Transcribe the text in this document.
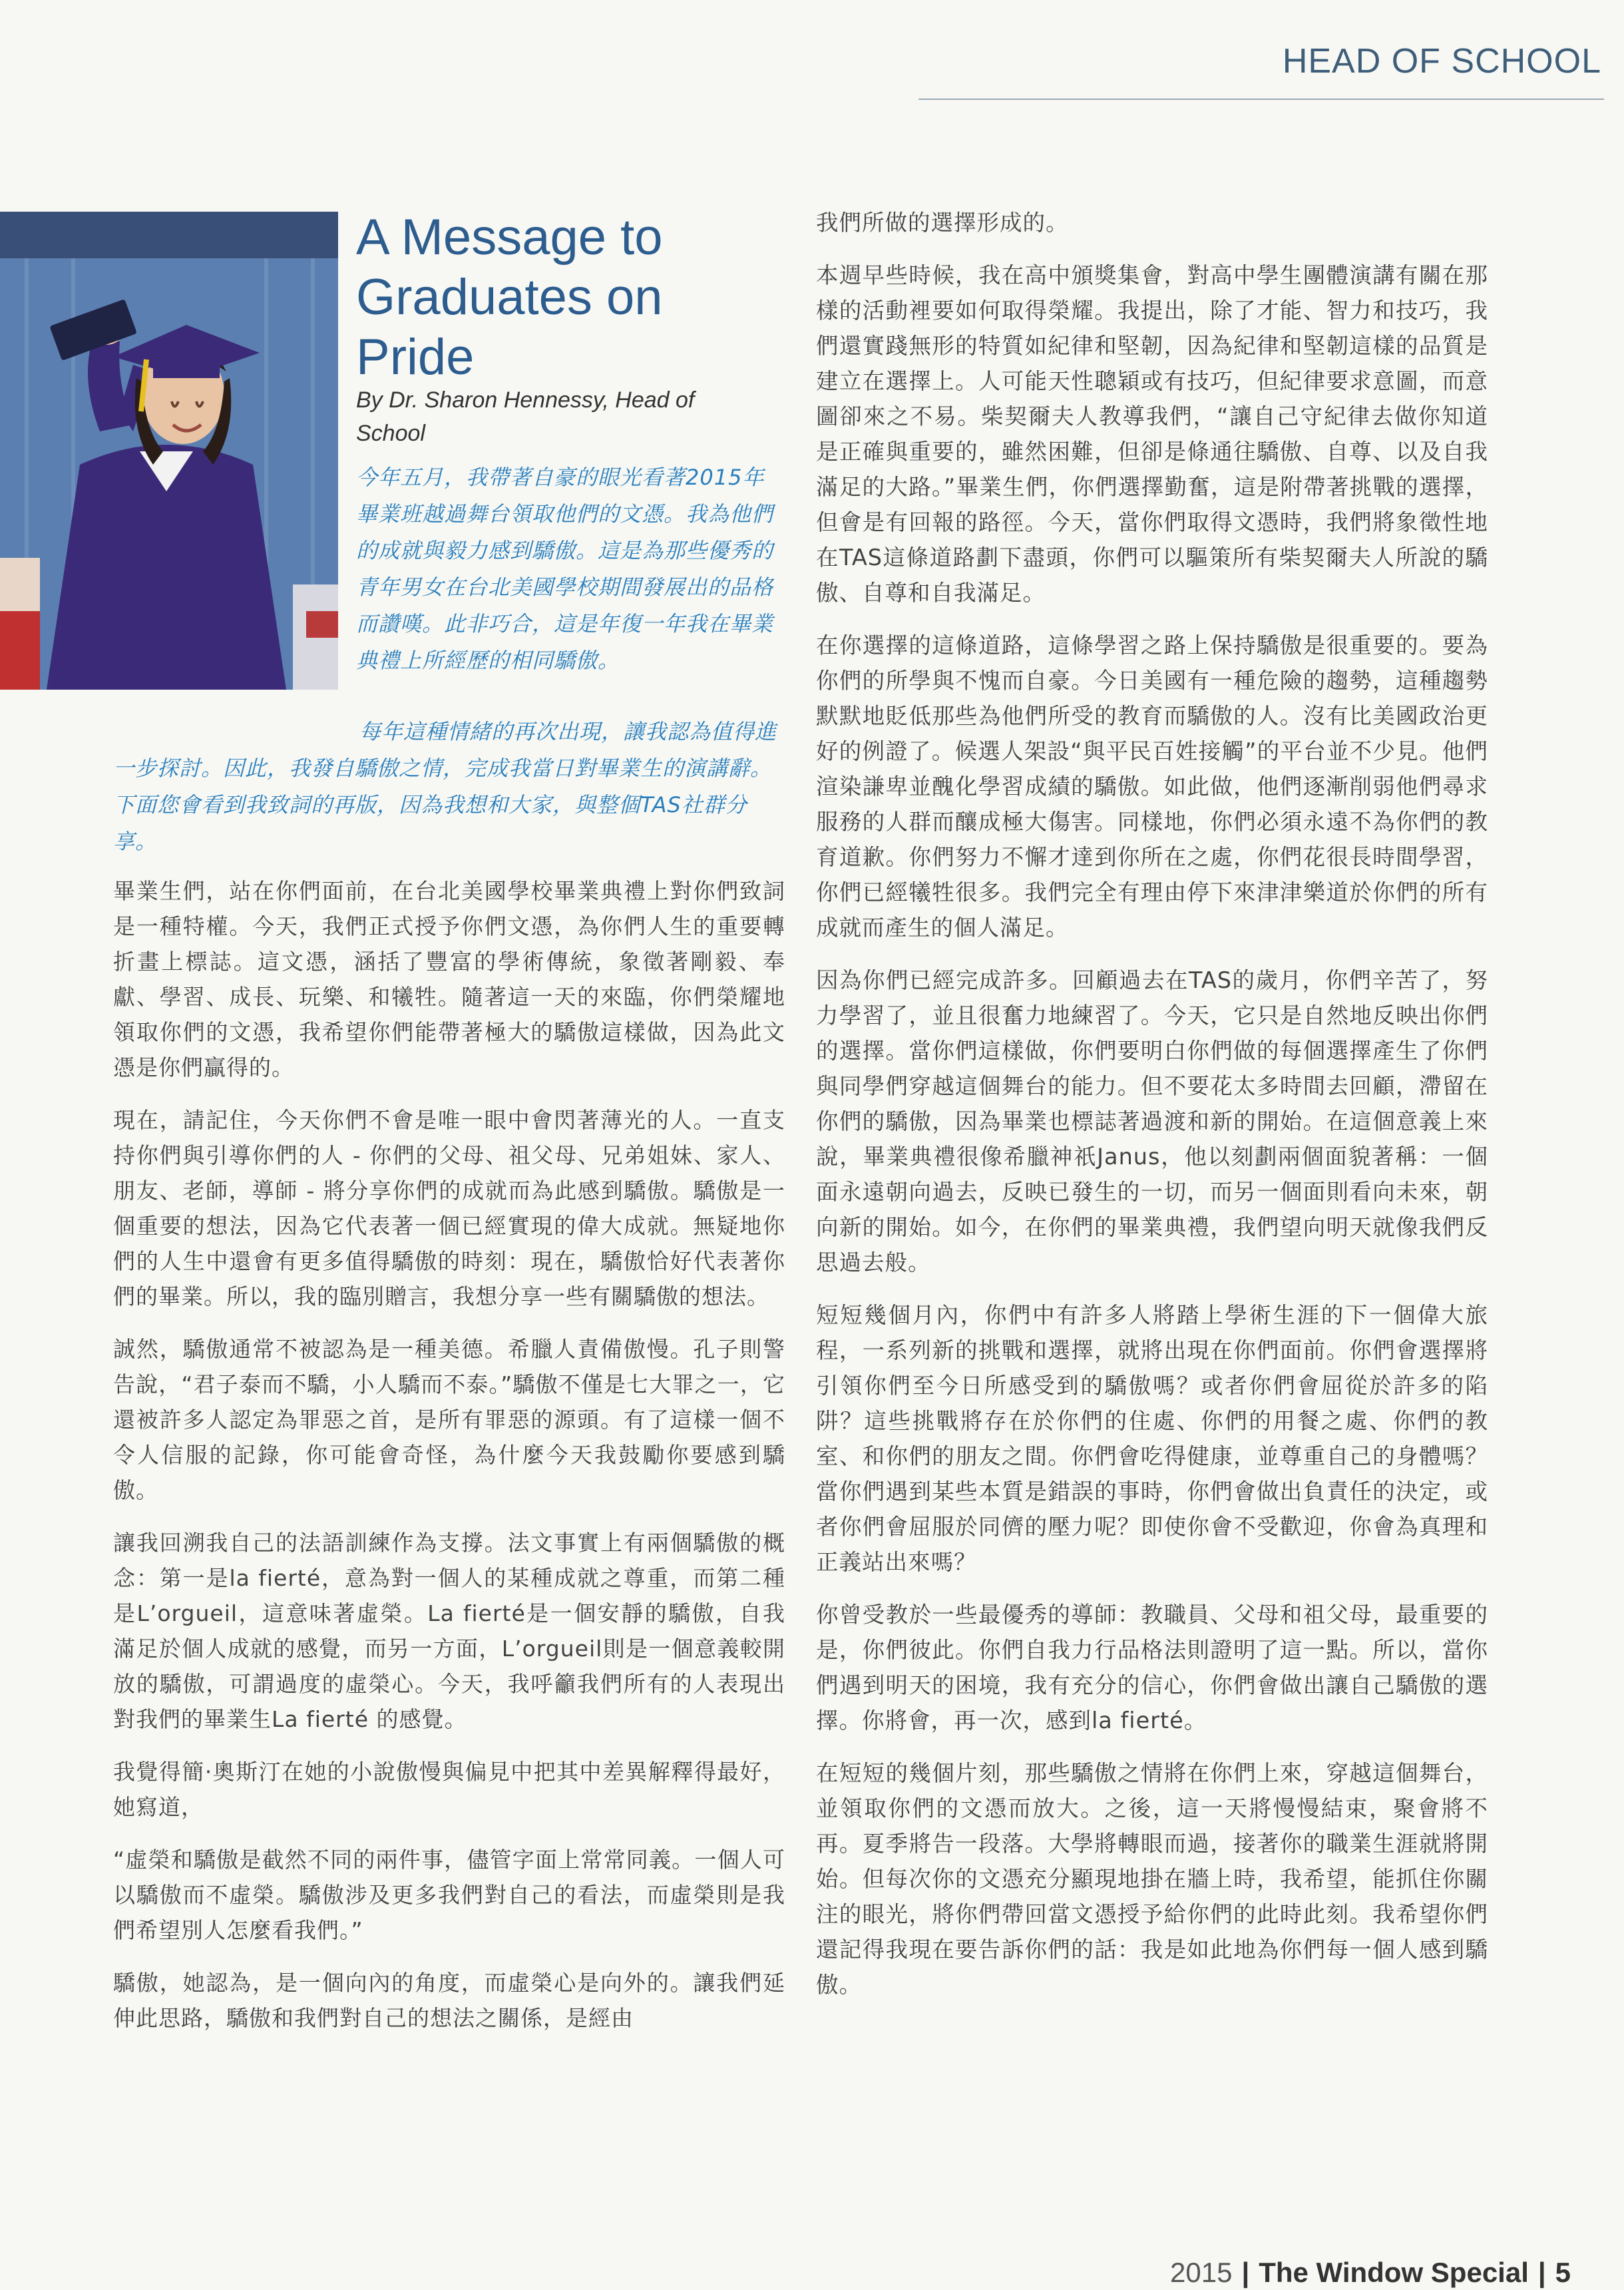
HEAD OF SCHOOL
A Message to Graduates on Pride
By Dr. Sharon Hennessy, Head of School

今年五月，我帶著自豪的眼光看著2015年畢業班越過舞台領取他們的文憑。我為他們的成就與毅力感到驕傲。這是為那些優秀的青年男女在台北美國學校期間發展出的品格而讚嘆。此非巧合，這是年復一年我在畢業典禮上所經歷的相同驕傲。

每年這種情緒的再次出現，讓我認為值得進一步探討。因此，我發自驕傲之情，完成我當日對畢業生的演講辭。下面您會看到我致詞的再版，因為我想和大家，與整個TAS社群分享。

畢業生們，站在你們面前，在台北美國學校畢業典禮上對你們致詞是一種特權。今天，我們正式授予你們文憑，為你們人生的重要轉折畫上標誌。這文憑，涵括了豐富的學術傳統，象徵著剛毅、奉獻、學習、成長、玩樂、和犧牲。隨著這一天的來臨，你們榮耀地領取你們的文憑，我希望你們能帶著極大的驕傲這樣做，因為此文憑是你們贏得的。

現在，請記住，今天你們不會是唯一眼中會閃著薄光的人。一直支持你們與引導你們的人 - 你們的父母、祖父母、兄弟姐妹、家人、朋友、老師，導師 - 將分享你們的成就而為此感到驕傲。驕傲是一個重要的想法，因為它代表著一個已經實現的偉大成就。無疑地你們的人生中還會有更多值得驕傲的時刻：現在，驕傲恰好代表著你們的畢業。所以，我的臨別贈言，我想分享一些有關驕傲的想法。

誠然，驕傲通常不被認為是一種美德。希臘人責備傲慢。孔子則警告說，“君子泰而不驕，小人驕而不泰。”驕傲不僅是七大罪之一，它還被許多人認定為罪惡之首，是所有罪惡的源頭。有了這樣一個不令人信服的記錄，你可能會奇怪，為什麼今天我鼓勵你要感到驕傲。

讓我回溯我自己的法語訓練作為支撐。法文事實上有兩個驕傲的概念：第一是la fierté，意為對一個人的某種成就之尊重，而第二種是L’orgueil，這意味著虛榮。La fierté是一個安靜的驕傲，自我滿足於個人成就的感覺，而另一方面，L’orgueil則是一個意義較開放的驕傲，可謂過度的虛榮心。今天，我呼籲我們所有的人表現出對我們的畢業生La fierté 的感覺。

我覺得簡·奧斯汀在她的小說傲慢與偏見中把其中差異解釋得最好，她寫道，

“虛榮和驕傲是截然不同的兩件事，儘管字面上常常同義。一個人可以驕傲而不虛榮。驕傲涉及更多我們對自己的看法，而虛榮則是我們希望別人怎麼看我們。”

驕傲，她認為，是一個向內的角度，而虛榮心是向外的。讓我們延伸此思路，驕傲和我們對自己的想法之關係，是經由

我們所做的選擇形成的。

本週早些時候，我在高中頒獎集會，對高中學生團體演講有關在那樣的活動裡要如何取得榮耀。我提出，除了才能、智力和技巧，我們還實踐無形的特質如紀律和堅韌，因為紀律和堅韌這樣的品質是建立在選擇上。人可能天性聰穎或有技巧，但紀律要求意圖，而意圖卻來之不易。柴契爾夫人教導我們，“讓自己守紀律去做你知道是正確與重要的，雖然困難，但卻是條通往驕傲、自尊、以及自我滿足的大路。”畢業生們，你們選擇勤奮，這是附帶著挑戰的選擇，但會是有回報的路徑。今天，當你們取得文憑時，我們將象徵性地在TAS這條道路劃下盡頭，你們可以驅策所有柴契爾夫人所說的驕傲、自尊和自我滿足。

在你選擇的這條道路，這條學習之路上保持驕傲是很重要的。要為你們的所學與不愧而自豪。今日美國有一種危險的趨勢，這種趨勢默默地貶低那些為他們所受的教育而驕傲的人。沒有比美國政治更好的例證了。候選人架設“與平民百姓接觸”的平台並不少見。他們渲染謙卑並醜化學習成績的驕傲。如此做，他們逐漸削弱他們尋求服務的人群而釀成極大傷害。同樣地，你們必須永遠不為你們的教育道歉。你們努力不懈才達到你所在之處，你們花很長時間學習，你們已經犧牲很多。我們完全有理由停下來津津樂道於你們的所有成就而產生的個人滿足。

因為你們已經完成許多。回顧過去在TAS的歲月，你們辛苦了，努力學習了，並且很奮力地練習了。今天，它只是自然地反映出你們的選擇。當你們這樣做，你們要明白你們做的每個選擇產生了你們與同學們穿越這個舞台的能力。但不要花太多時間去回顧，滯留在你們的驕傲，因為畢業也標誌著過渡和新的開始。在這個意義上來說，畢業典禮很像希臘神祇Janus，他以刻劃兩個面貌著稱：一個面永遠朝向過去，反映已發生的一切，而另一個面則看向未來，朝向新的開始。如今，在你們的畢業典禮，我們望向明天就像我們反思過去般。

短短幾個月內，你們中有許多人將踏上學術生涯的下一個偉大旅程，一系列新的挑戰和選擇，就將出現在你們面前。你們會選擇將引領你們至今日所感受到的驕傲嗎？或者你們會屈從於許多的陷阱？這些挑戰將存在於你們的住處、你們的用餐之處、你們的教室、和你們的朋友之間。你們會吃得健康，並尊重自己的身體嗎？當你們遇到某些本質是錯誤的事時，你們會做出負責任的決定，或者你們會屈服於同儕的壓力呢？即使你會不受歡迎，你會為真理和正義站出來嗎？

你曾受教於一些最優秀的導師：教職員、父母和祖父母，最重要的是，你們彼此。你們自我力行品格法則證明了這一點。所以，當你們遇到明天的困境，我有充分的信心，你們會做出讓自己驕傲的選擇。你將會，再一次，感到la fierté。

在短短的幾個片刻，那些驕傲之情將在你們上來，穿越這個舞台，並領取你們的文憑而放大。之後，這一天將慢慢結束，聚會將不再。夏季將告一段落。大學將轉眼而過，接著你的職業生涯就將開始。但每次你的文憑充分顯現地掛在牆上時，我希望，能抓住你關注的眼光，將你們帶回當文憑授予給你們的此時此刻。我希望你們還記得我現在要告訴你們的話：我是如此地為你們每一個人感到驕傲。

2015 | The Window Special | 5
